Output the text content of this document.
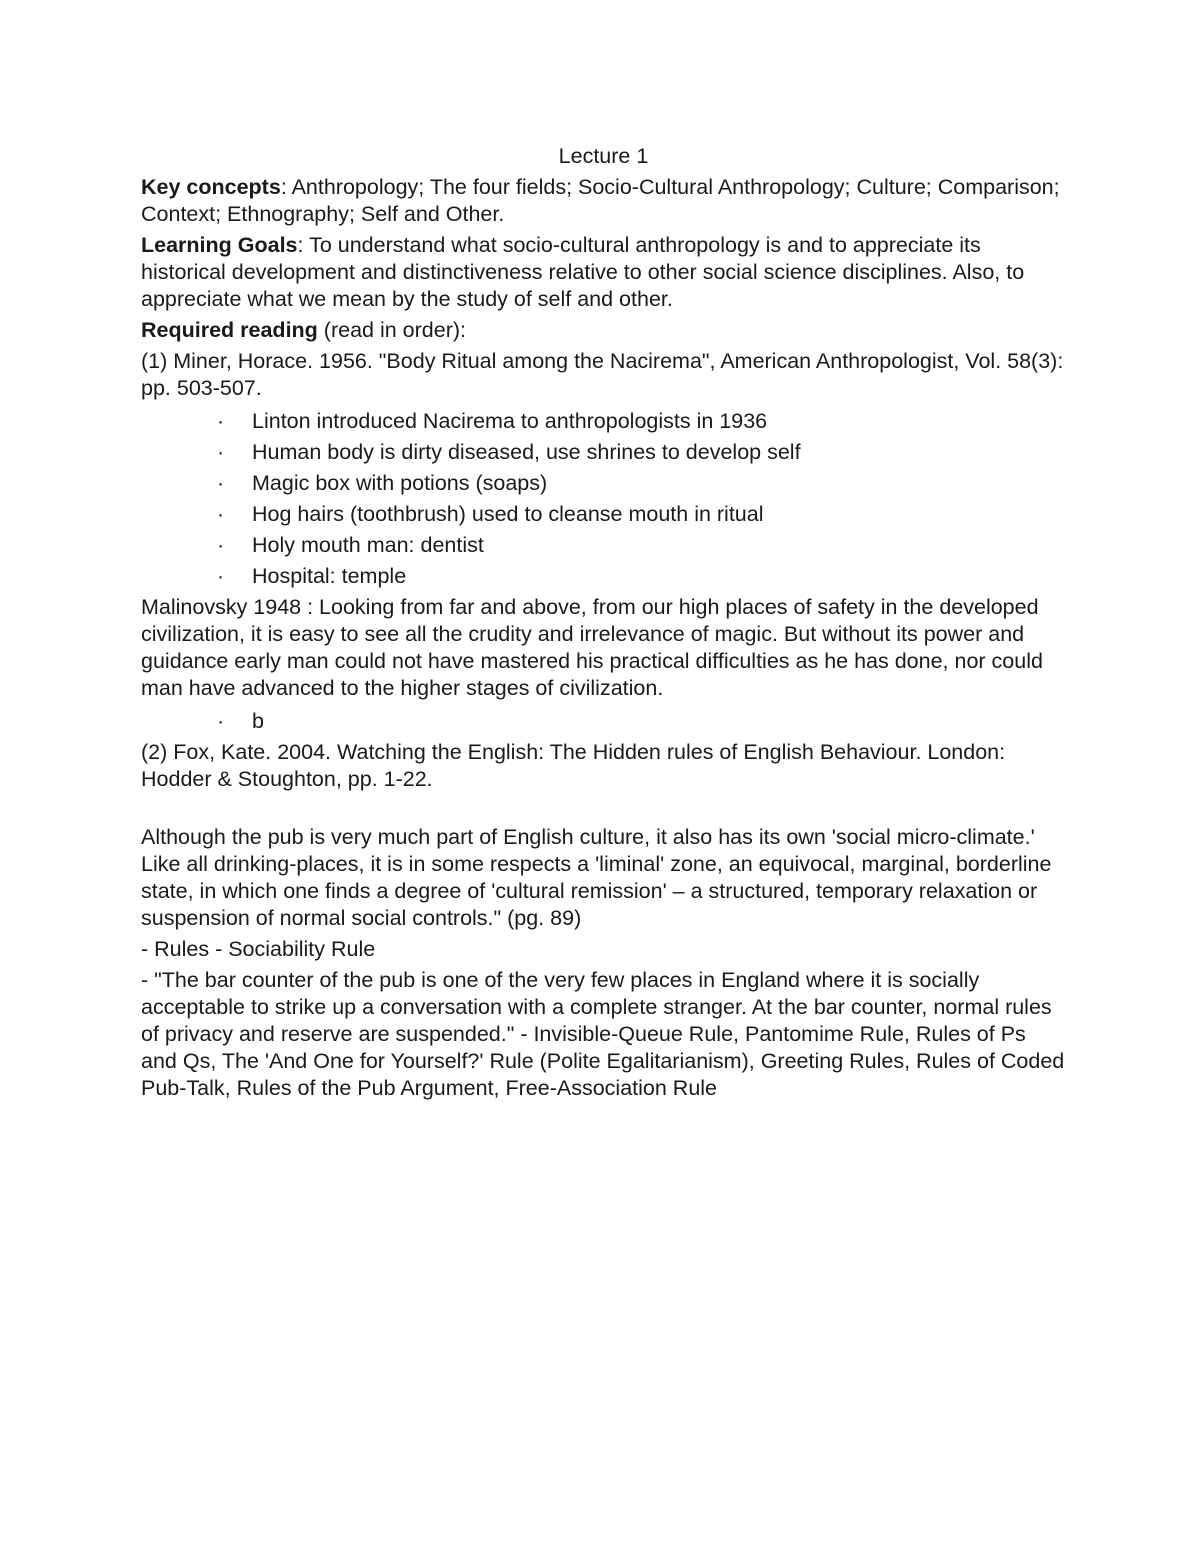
Lecture 1
Key concepts: Anthropology; The four fields; Socio-Cultural Anthropology; Culture; Comparison; Context; Ethnography; Self and Other.
Learning Goals: To understand what socio-cultural anthropology is and to appreciate its historical development and distinctiveness relative to other social science disciplines. Also, to appreciate what we mean by the study of self and other.
Required reading (read in order):
(1) Miner, Horace. 1956. "Body Ritual among the Nacirema", American Anthropologist, Vol. 58(3): pp. 503-507.
· Linton introduced Nacirema to anthropologists in 1936
· Human body is dirty diseased, use shrines to develop self
· Magic box with potions (soaps)
· Hog hairs (toothbrush) used to cleanse mouth in ritual
· Holy mouth man: dentist
· Hospital: temple
Malinovsky 1948 : Looking from far and above, from our high places of safety in the developed civilization, it is easy to see all the crudity and irrelevance of magic. But without its power and guidance early man could not have mastered his practical difficulties as he has done, nor could man have advanced to the higher stages of civilization.
· b
(2) Fox, Kate. 2004. Watching the English: The Hidden rules of English Behaviour. London: Hodder & Stoughton, pp. 1-22.
Although the pub is very much part of English culture, it also has its own 'social micro-climate.' Like all drinking-places, it is in some respects a 'liminal' zone, an equivocal, marginal, borderline state, in which one finds a degree of 'cultural remission' – a structured, temporary relaxation or suspension of normal social controls." (pg. 89)
- Rules - Sociability Rule
- "The bar counter of the pub is one of the very few places in England where it is socially acceptable to strike up a conversation with a complete stranger. At the bar counter, normal rules of privacy and reserve are suspended." - Invisible-Queue Rule, Pantomime Rule, Rules of Ps and Qs, The 'And One for Yourself?' Rule (Polite Egalitarianism), Greeting Rules, Rules of Coded Pub-Talk, Rules of the Pub Argument, Free-Association Rule
